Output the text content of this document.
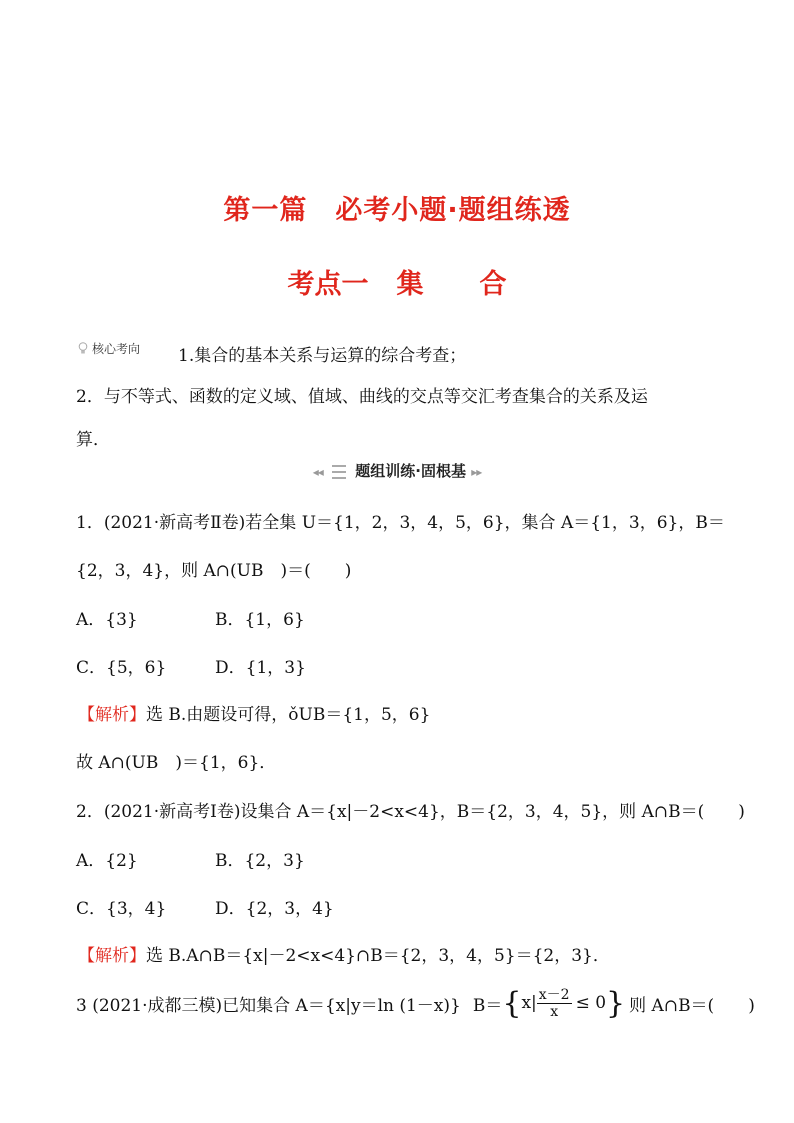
第一篇　必考小题·题组练透
考点一 集 合
核心考向 1.集合的基本关系与运算的综合考查；
2．与不等式、函数的定义域、值域、曲线的交点等交汇考查集合的关系及运
算．
◂◂ 题组训练·固根基 ▸▸
1．(2021·新高考Ⅱ卷)若全集 U＝{1，2，3，4，5，6}，集合 A＝{1，3，6}，B＝
{2，3，4}，则 A∩(UB　)＝(　　)
A．{3}	B．{1，6}
C．{5，6}	D．{1，3}
【解析】选 B.由题设可得，ǒUB＝{1，5，6}
故 A∩(UB　)＝{1，6}．
2．(2021·新高考Ⅰ卷)设集合 A＝{x|－2<x<4}，B＝{2，3，4，5}，则 A∩B＝(　　)
A．{2}	B．{2，3}
C．{3，4}	D．{2，3，4}
【解析】选 B.A∩B＝{x|－2<x<4}∩B＝{2，3，4，5}＝{2，3}．
3 (2021·成都三模)已知集合 A＝{x|y＝ln (1－x)} B＝ { $x| \frac{x-2}{x} \le 0$ } 则 A∩B＝(　　)
